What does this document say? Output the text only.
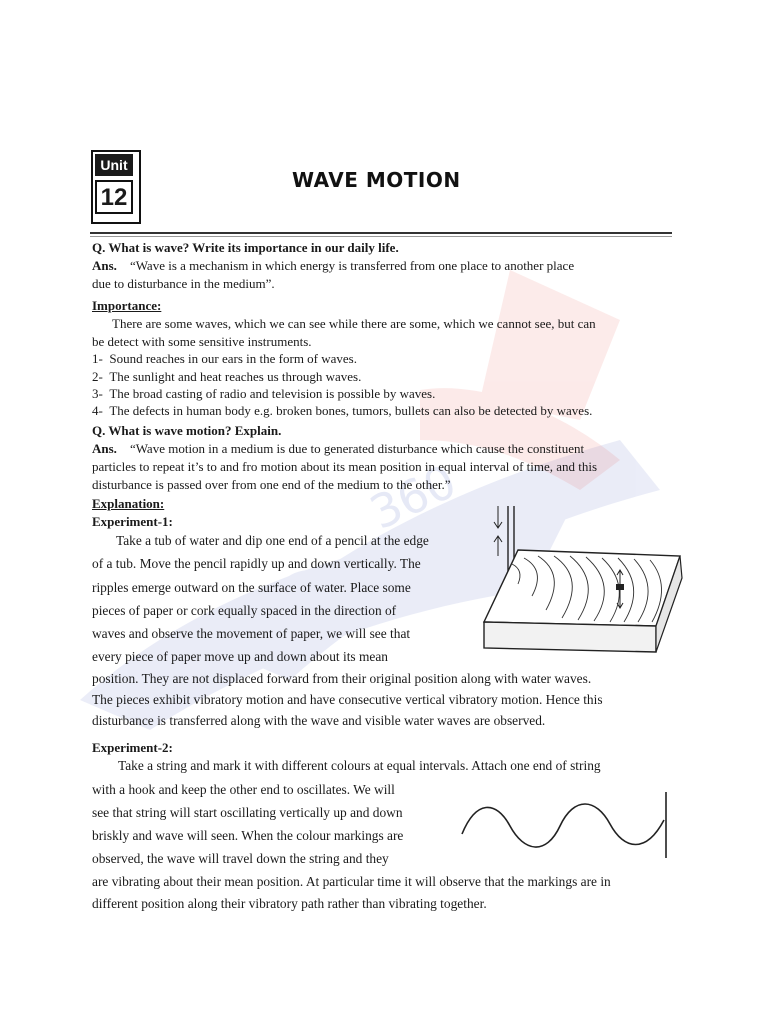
360
Unit
12
WAVE MOTION
Q. What is wave? Write its importance in our daily life.
Ans. “Wave is a mechanism in which energy is transferred from one place to another place
due to disturbance in the medium”.
Importance:
There are some waves, which we can see while there are some, which we cannot see, but can
be detect with some sensitive instruments.
1- Sound reaches in our ears in the form of waves.
2- The sunlight and heat reaches us through waves.
3- The broad casting of radio and television is possible by waves.
4- The defects in human body e.g. broken bones, tumors, bullets can also be detected by waves.
Q. What is wave motion? Explain.
Ans. “Wave motion in a medium is due to generated disturbance which cause the constituent
particles to repeat it’s to and fro motion about its mean position in equal interval of time, and this
disturbance is passed over from one end of the medium to the other.”
Explanation:
Experiment-1:
Take a tub of water and dip one end of a pencil at the edge
of a tub. Move the pencil rapidly up and down vertically. The
ripples emerge outward on the surface of water. Place some
pieces of paper or cork equally spaced in the direction of
waves and observe the movement of paper, we will see that
every piece of paper move up and down about its mean
position. They are not displaced forward from their original position along with water waves.
The pieces exhibit vibratory motion and have consecutive vertical vibratory motion. Hence this
disturbance is transferred along with the wave and visible water waves are observed.
Experiment-2:
Take a string and mark it with different colours at equal intervals. Attach one end of string
with a hook and keep the other end to oscillates. We will
see that string will start oscillating vertically up and down
briskly and wave will seen. When the colour markings are
observed, the wave will travel down the string and they
are vibrating about their mean position. At particular time it will observe that the markings are in
different position along their vibratory path rather than vibrating together.
